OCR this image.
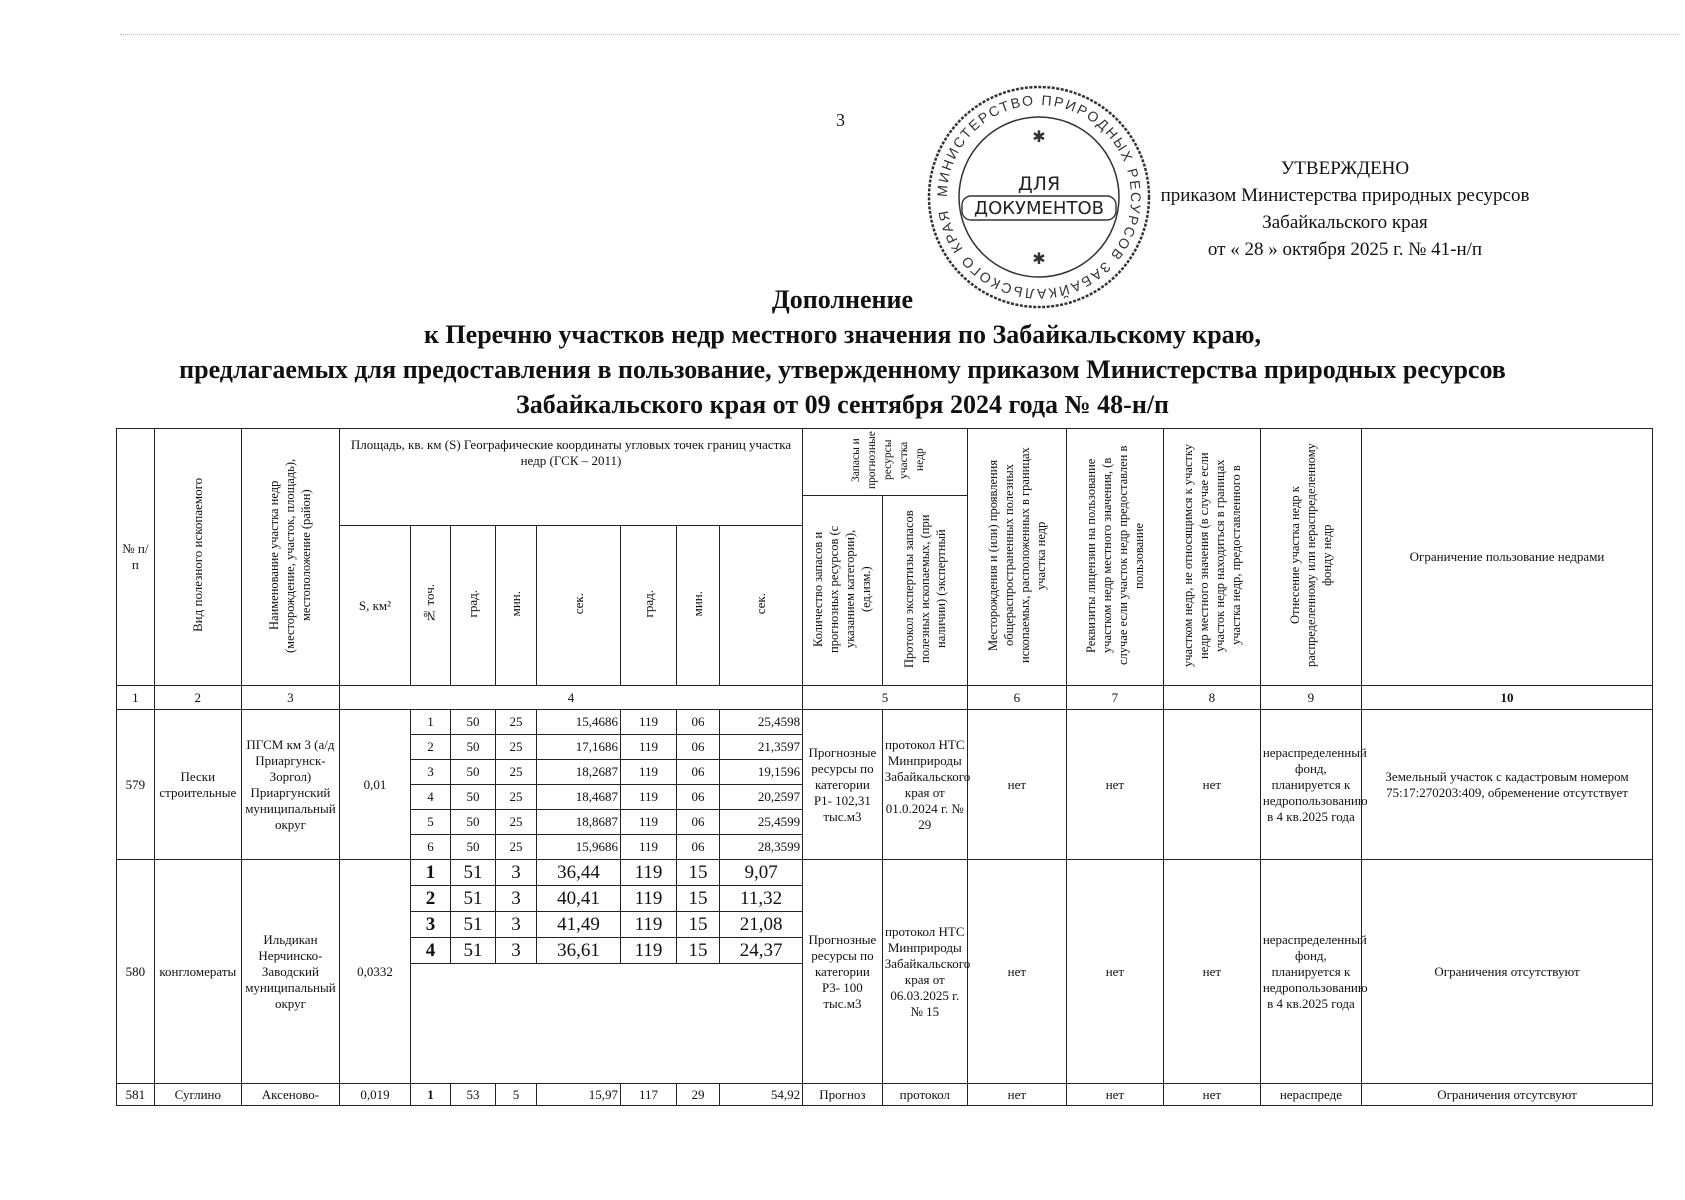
3
МИНИСТЕРСТВО ПРИРОДНЫХ РЕСУРСОВ ЗАБАЙКАЛЬСКОГО КРАЯ
ДЛЯ
ДОКУМЕНТОВ
✱
✱
УТВЕРЖДЕНО
приказом Министерства природных ресурсов
Забайкальского края
от « 28 » октября 2025 г. № 41-н/п
Дополнение
к Перечню участков недр местного значения по Забайкальскому краю,
предлагаемых для предоставления в пользование, утвержденному приказом Министерства природных ресурсов
Забайкальского края от 09 сентября 2024 года № 48-н/п
№ п/п	Вид полезного ископаемого	Наименование участка недр (месторождение, участок, площадь), местоположение (район)	Площадь, кв. км (S) Географические координаты угловых точек границ участка недр (ГСК – 2011)								Запасы и прогнозные ресурсы участка недр		Месторождения и (или) проявления общераспространенных полезных ископаемых, расположенных в границах участка недр	Реквизиты лицензии на пользование участком недр местного значения, (в случае если участок недр предоставлен в пользование	участком недр, не относящимся к участку недр местного значения (в случае если участок недр находиться в границах участка недр, предоставленного в	Отнесение участка недр к распределенному или нераспределенному фонду недр	Ограничение пользование недрами
											Количество запасов и прогнозных ресурсов (с указанием категории), (ед.изм.)	Протокол экспертизы запасов полезных ископаемых, (при наличии) (экспертный					
			S, км²	№ точ.	град.	мин.	сек.	град.	мин.	сек.							
1	2	3	4								5		6	7	8	9	10
579	Пески строительные	ПГСМ км 3 (а/д Приаргунск-Зоргол) Приаргунский муниципальный округ	0,01	1	50	25	15,4686	119	06	25,4598	Прогнозные ресурсы по категории P1- 102,31 тыс.м3	протокол НТС Минприроды Забайкальского края от 01.0.2024 г. № 29	нет	нет	нет	нераспределенный фонд, планируется к недропользованию в 4 кв.2025 года	Земельный участок с кадастровым номером 75:17:270203:409, обременение отсутствует
				2	50	25	17,1686	119	06	21,3597							
				3	50	25	18,2687	119	06	19,1596							
				4	50	25	18,4687	119	06	20,2597							
				5	50	25	18,8687	119	06	25,4599							
				6	50	25	15,9686	119	06	28,3599							
580	конгломераты	Ильдикан Нерчинско-Заводский муниципальный округ	0,0332	1	51	3	36,44	119	15	9,07	Прогнозные ресурсы по категории P3- 100 тыс.м3	протокол НТС Минприроды Забайкальского края от 06.03.2025 г. № 15	нет	нет	нет	нераспределенный фонд, планируется к недропользованию в 4 кв.2025 года	Ограничения отсутствуют
				2	51	3	40,41	119	15	11,32							
				3	51	3	41,49	119	15	21,08							
				4	51	3	36,61	119	15	24,37							

581	Суглино	Аксеново-	0,019	1	53	5	15,97	117	29	54,92	Прогноз	протокол	нет	нет	нет	нераспреде	Ограничения отсутсвуют
